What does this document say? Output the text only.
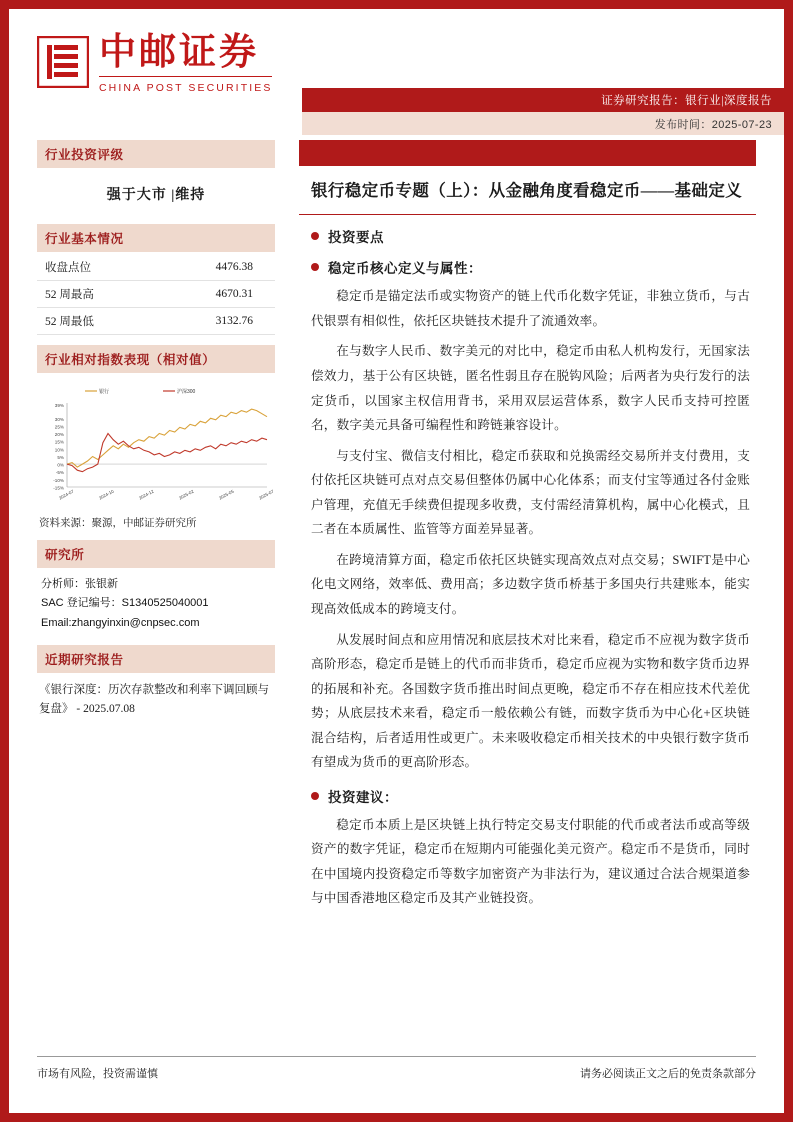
中邮证券
CHINA POST SECURITIES
证券研究报告：银行业|深度报告
发布时间：2025-07-23
行业投资评级
强于大市 |维持
行业基本情况
收盘点位	4476.38
52 周最高	4670.31
52 周最低	3132.76
行业相对指数表现（相对值）
39%
30%
25%
20%
15%
10%
5%
0%
-5%
-10%
-15%
2024-07	2024-10	2024-12	2025-02	2025-05	2025-07
银行	沪深300
资料来源：聚源，中邮证券研究所
研究所
分析师：张银新
SAC 登记编号：S1340525040001
Email:zhangyinxin@cnpsec.com
近期研究报告
《银行深度：历次存款整改和利率下调回顾与复盘》 - 2025.07.08
银行稳定币专题（上）：从金融角度看稳定币——基础定义
投资要点
稳定币核心定义与属性：

稳定币是锚定法币或实物资产的链上代币化数字凭证，非独立货币，与古代银票有相似性，依托区块链技术提升了流通效率。

在与数字人民币、数字美元的对比中，稳定币由私人机构发行，无国家法偿效力，基于公有区块链，匿名性弱且存在脱钩风险；后两者为央行发行的法定货币，以国家主权信用背书，采用双层运营体系，数字人民币支持可控匿名，数字美元具备可编程性和跨链兼容设计。

与支付宝、微信支付相比，稳定币获取和兑换需经交易所并支付费用，支付依托区块链可点对点交易但整体仍属中心化体系；而支付宝等通过各付金账户管理，充值无手续费但提现多收费，支付需经清算机构，属中心化模式，且二者在本质属性、监管等方面差异显著。

在跨境清算方面，稳定币依托区块链实现高效点对点交易；SWIFT是中心化电文网络，效率低、费用高；多边数字货币桥基于多国央行共建账本，能实现高效低成本的跨境支付。

从发展时间点和应用情况和底层技术对比来看，稳定币不应视为数字货币高阶形态，稳定币是链上的代币而非货币，稳定币应视为实物和数字货币边界的拓展和补充。各国数字货币推出时间点更晚，稳定币不存在相应技术代差优势；从底层技术来看，稳定币一般依赖公有链，而数字货币为中心化+区块链混合结构，后者适用性或更广。未来吸收稳定币相关技术的中央银行数字货币有望成为货币的更高阶形态。

投资建议：

稳定币本质上是区块链上执行特定交易支付职能的代币或者法币或高等级资产的数字凭证，稳定币在短期内可能强化美元资产。稳定币不是货币，同时在中国境内投资稳定币等数字加密资产为非法行为，建议通过合法合规渠道参与中国香港地区稳定币及其产业链投资。

市场有风险，投资需谨慎	请务必阅读正文之后的免责条款部分
